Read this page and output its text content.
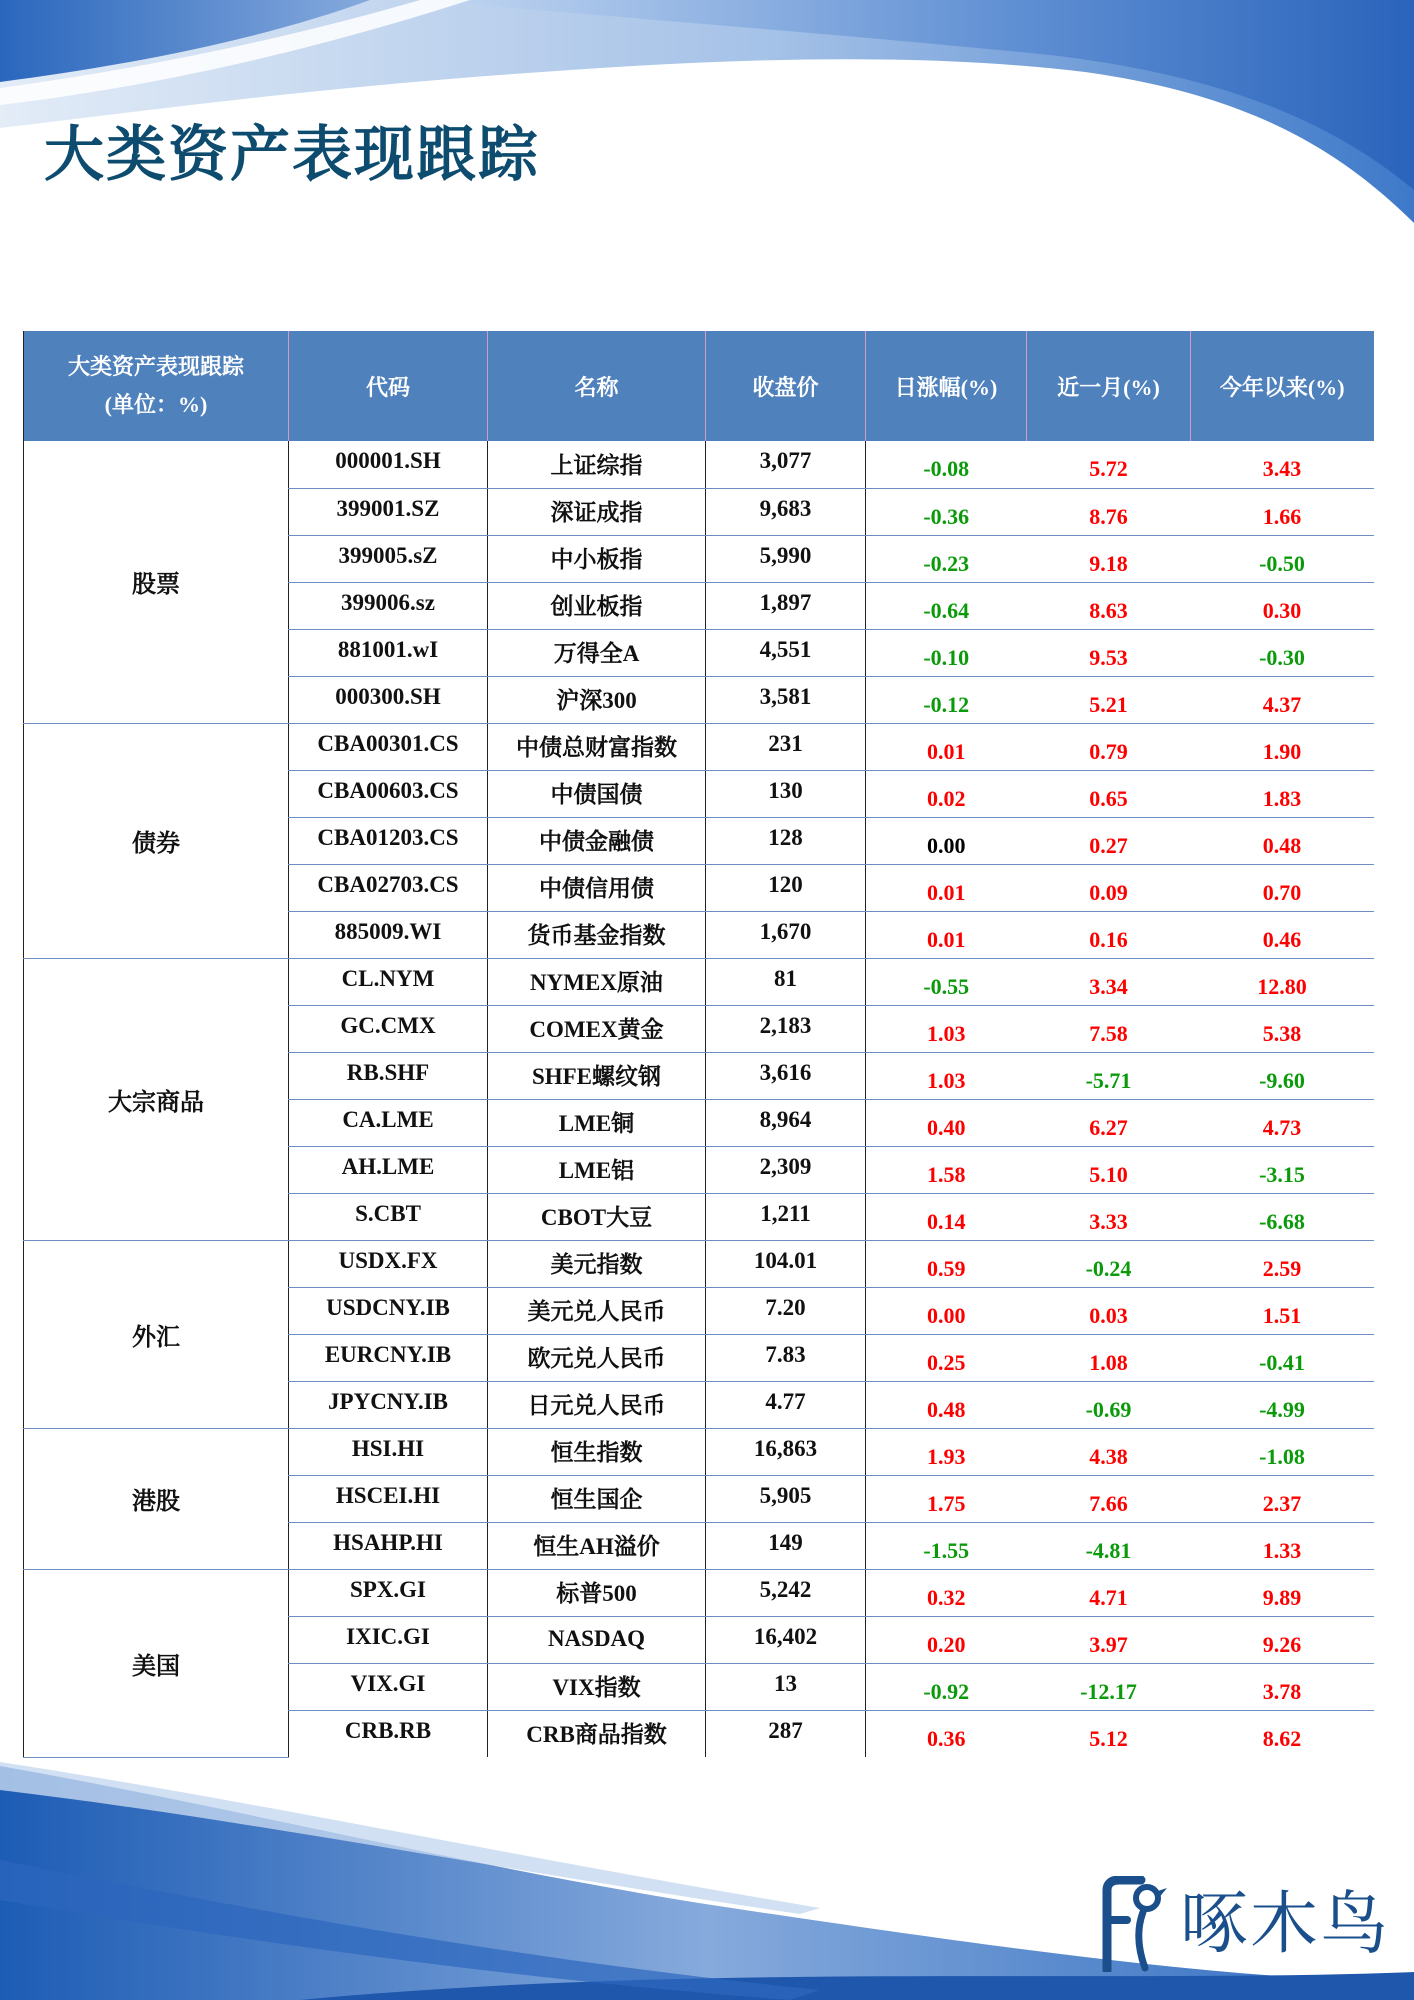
大类资产表现跟踪
大类资产表现跟踪
(单位：%)	代码	名称	收盘价	日涨幅(%)	近一月(%)	今年以来(%)
股票	000001.SH	上证综指	3,077	-0.08	5.72	3.43
	399001.SZ	深证成指	9,683	-0.36	8.76	1.66
	399005.sZ	中小板指	5,990	-0.23	9.18	-0.50
	399006.sz	创业板指	1,897	-0.64	8.63	0.30
	881001.wI	万得全A	4,551	-0.10	9.53	-0.30
	000300.SH	沪深300	3,581	-0.12	5.21	4.37
债券	CBA00301.CS	中债总财富指数	231	0.01	0.79	1.90
	CBA00603.CS	中债国债	130	0.02	0.65	1.83
	CBA01203.CS	中债金融债	128	0.00	0.27	0.48
	CBA02703.CS	中债信用债	120	0.01	0.09	0.70
	885009.WI	货币基金指数	1,670	0.01	0.16	0.46
大宗商品	CL.NYM	NYMEX原油	81	-0.55	3.34	12.80
	GC.CMX	COMEX黄金	2,183	1.03	7.58	5.38
	RB.SHF	SHFE螺纹钢	3,616	1.03	-5.71	-9.60
	CA.LME	LME铜	8,964	0.40	6.27	4.73
	AH.LME	LME铝	2,309	1.58	5.10	-3.15
	S.CBT	CBOT大豆	1,211	0.14	3.33	-6.68
外汇	USDX.FX	美元指数	104.01	0.59	-0.24	2.59
	USDCNY.IB	美元兑人民币	7.20	0.00	0.03	1.51
	EURCNY.IB	欧元兑人民币	7.83	0.25	1.08	-0.41
	JPYCNY.IB	日元兑人民币	4.77	0.48	-0.69	-4.99
港股	HSI.HI	恒生指数	16,863	1.93	4.38	-1.08
	HSCEI.HI	恒生国企	5,905	1.75	7.66	2.37
	HSAHP.HI	恒生AH溢价	149	-1.55	-4.81	1.33
美国	SPX.GI	标普500	5,242	0.32	4.71	9.89
	IXIC.GI	NASDAQ	16,402	0.20	3.97	9.26
	VIX.GI	VIX指数	13	-0.92	-12.17	3.78
	CRB.RB	CRB商品指数	287	0.36	5.12	8.62
啄木鸟
